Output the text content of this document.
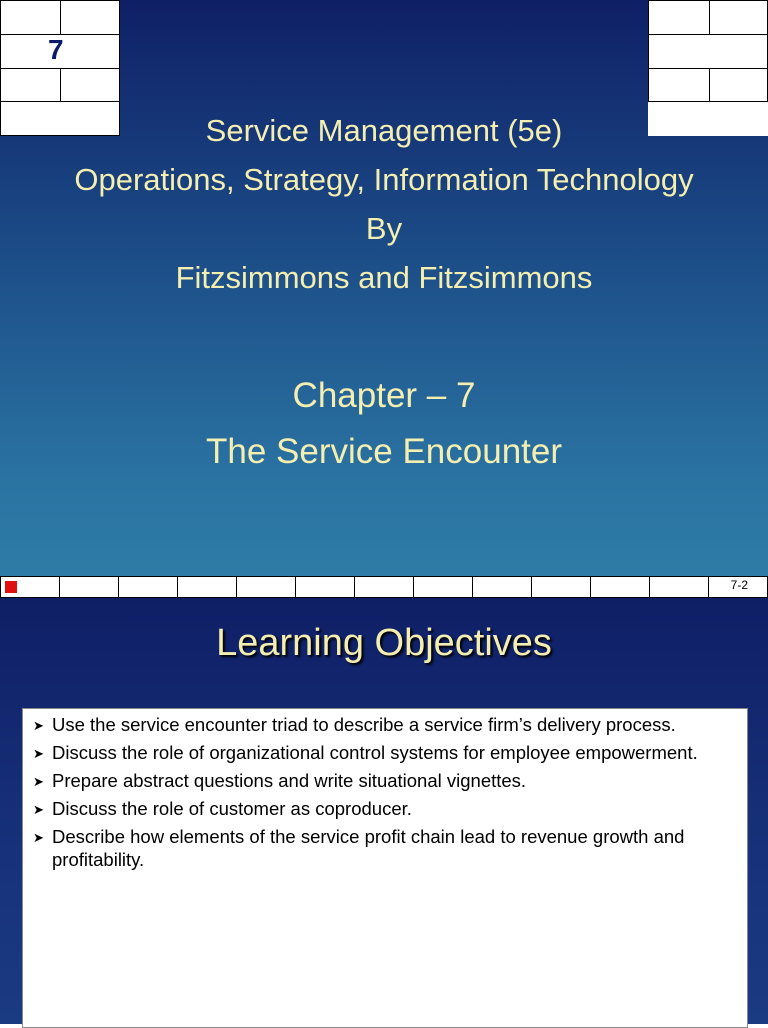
7
Service Management (5e)
Operations, Strategy, Information Technology
By
Fitzsimmons and Fitzsimmons
Chapter – 7
The Service Encounter
7-2
Learning Objectives
➤ Use the service encounter triad to describe a service firm’s delivery process.
➤ Discuss the role of organizational control systems for employee empowerment.
➤ Prepare abstract questions and write situational vignettes.
➤ Discuss the role of customer as coproducer.
➤ Describe how elements of the service profit chain lead to revenue growth and profitability.
